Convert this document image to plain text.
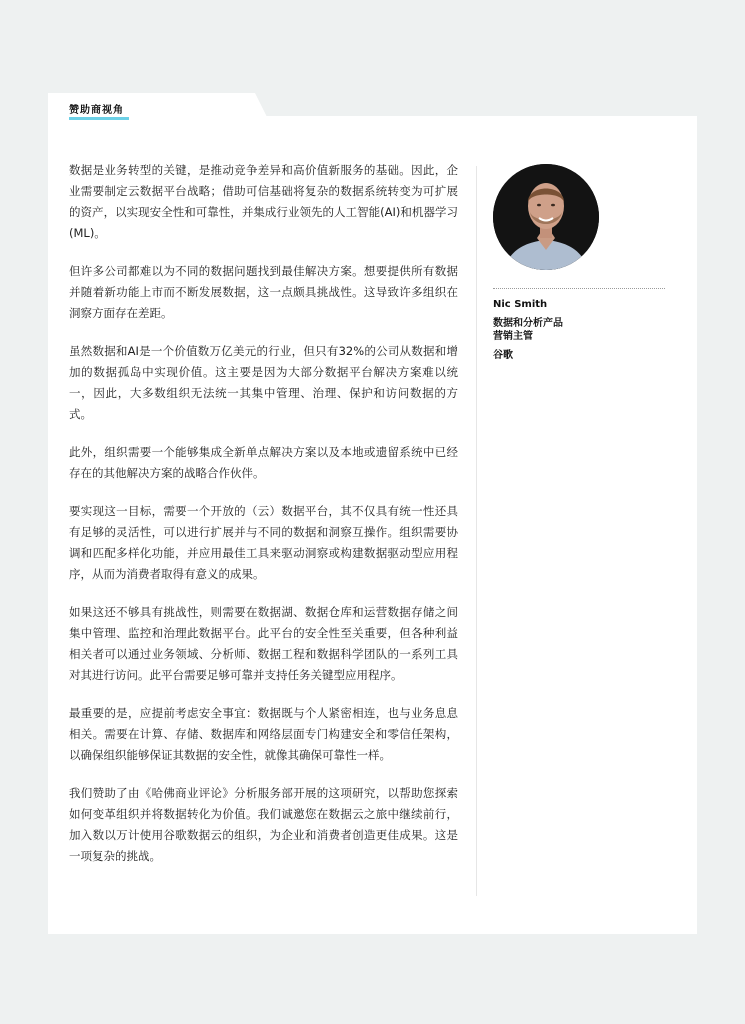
赞助商视角

数据是业务转型的关键，是推动竞争差异和高价值新服务的基础。因此，企业需要制定云数据平台战略；借助可信基础将复杂的数据系统转变为可扩展的资产，以实现安全性和可靠性，并集成行业领先的人工智能(AI)和机器学习(ML)。

但许多公司都难以为不同的数据问题找到最佳解决方案。想要提供所有数据并随着新功能上市而不断发展数据，这一点颇具挑战性。这导致许多组织在洞察方面存在差距。

虽然数据和AI是一个价值数万亿美元的行业，但只有32%的公司从数据和增加的数据孤岛中实现价值。这主要是因为大部分数据平台解决方案难以统一，因此，大多数组织无法统一其集中管理、治理、保护和访问数据的方式。

此外，组织需要一个能够集成全新单点解决方案以及本地或遗留系统中已经存在的其他解决方案的战略合作伙伴。

要实现这一目标，需要一个开放的（云）数据平台，其不仅具有统一性还具有足够的灵活性，可以进行扩展并与不同的数据和洞察互操作。组织需要协调和匹配多样化功能，并应用最佳工具来驱动洞察或构建数据驱动型应用程序，从而为消费者取得有意义的成果。

如果这还不够具有挑战性，则需要在数据湖、数据仓库和运营数据存储之间集中管理、监控和治理此数据平台。此平台的安全性至关重要，但各种利益相关者可以通过业务领域、分析师、数据工程和数据科学团队的一系列工具对其进行访问。此平台需要足够可靠并支持任务关键型应用程序。

最重要的是，应提前考虑安全事宜：数据既与个人紧密相连，也与业务息息相关。需要在计算、存储、数据库和网络层面专门构建安全和零信任架构，以确保组织能够保证其数据的安全性，就像其确保可靠性一样。

我们赞助了由《哈佛商业评论》分析服务部开展的这项研究，以帮助您探索如何变革组织并将数据转化为价值。我们诚邀您在数据云之旅中继续前行，加入数以万计使用谷歌数据云的组织，为企业和消费者创造更佳成果。这是一项复杂的挑战。

Nic Smith
数据和分析产品
营销主管
谷歌
